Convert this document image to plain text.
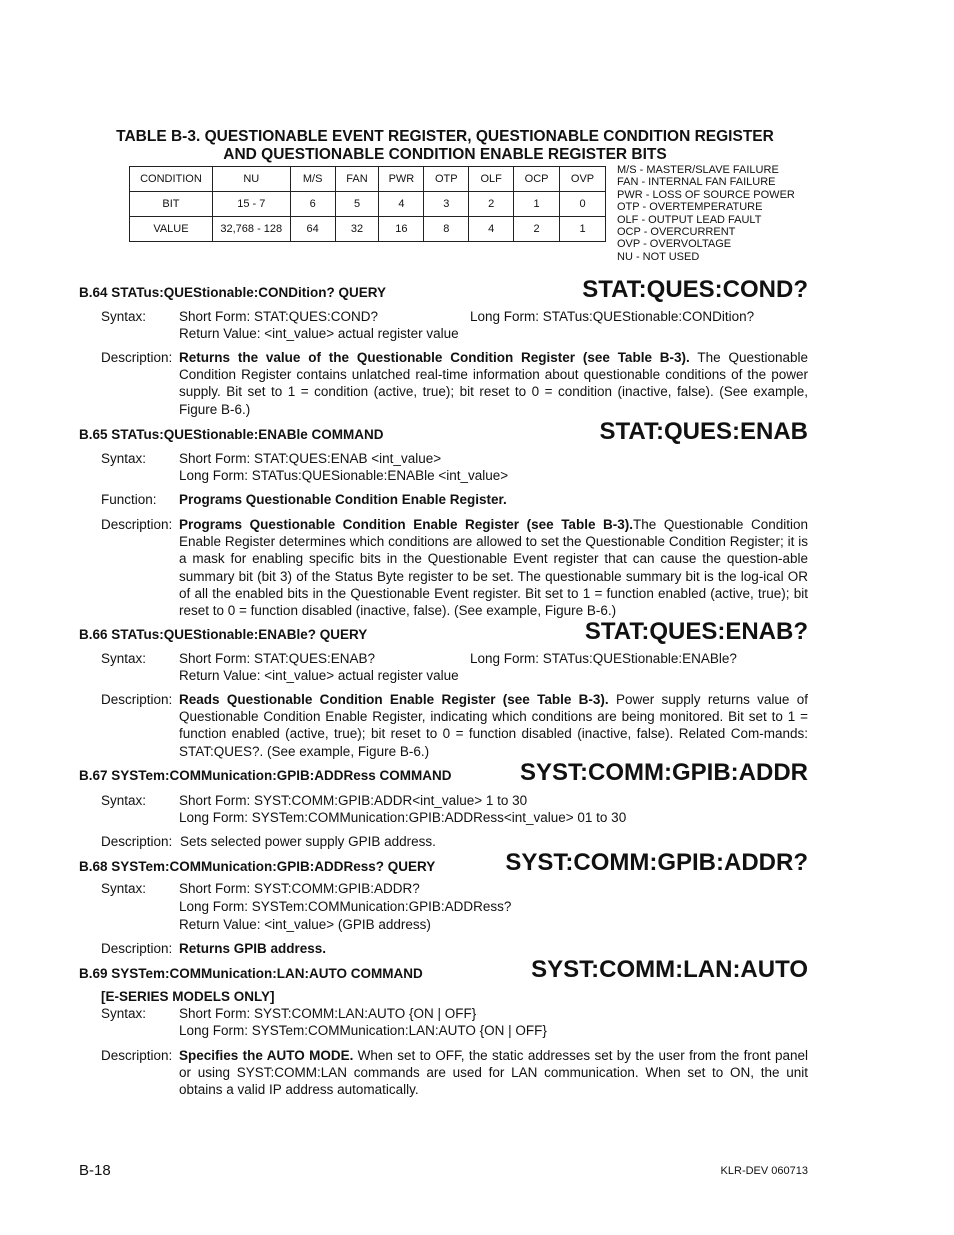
TABLE B-3. QUESTIONABLE EVENT REGISTER, QUESTIONABLE CONDITION REGISTER
AND QUESTIONABLE CONDITION ENABLE REGISTER BITS
CONDITION	NU	M/S	FAN	PWR	OTP	OLF	OCP	OVP
BIT	15 - 7	6	5	4	3	2	1	0
VALUE	32,768 - 128	64	32	16	8	4	2	1
M/S - MASTER/SLAVE FAILURE
FAN - INTERNAL FAN FAILURE
PWR - LOSS OF SOURCE POWER
OTP - OVERTEMPERATURE
OLF - OUTPUT LEAD FAULT
OCP - OVERCURRENT
OVP - OVERVOLTAGE
NU - NOT USED
B.64 STATus:QUEStionable:CONDition? QUERY	STAT:QUES:COND?
Syntax: Short Form: STAT:QUES:COND?	Long Form: STATus:QUEStionable:CONDition?
Return Value: <int_value> actual register value
Description: Returns the value of the Questionable Condition Register (see Table B-3). The Questionable Condition Register contains unlatched real-time information about questionable conditions of the power supply. Bit set to 1 = condition (active, true); bit reset to 0 = condition (inactive, false). (See example, Figure B-6.)
B.65 STATus:QUEStionable:ENABle COMMAND	STAT:QUES:ENAB
Syntax: Short Form: STAT:QUES:ENAB <int_value>
Long Form: STATus:QUESionable:ENABle <int_value>
Function: Programs Questionable Condition Enable Register.
Description: Programs Questionable Condition Enable Register (see Table B-3).The Questionable Condition Enable Register determines which conditions are allowed to set the Questionable Condition Register; it is a mask for enabling specific bits in the Questionable Event register that can cause the question-able summary bit (bit 3) of the Status Byte register to be set. The questionable summary bit is the log-ical OR of all the enabled bits in the Questionable Event register. Bit set to 1 = function enabled (active, true); bit reset to 0 = function disabled (inactive, false). (See example, Figure B-6.)
B.66 STATus:QUEStionable:ENABle? QUERY	STAT:QUES:ENAB?
Syntax: Short Form: STAT:QUES:ENAB?	Long Form: STATus:QUEStionable:ENABle?
Return Value: <int_value> actual register value
Description: Reads Questionable Condition Enable Register (see Table B-3). Power supply returns value of Questionable Condition Enable Register, indicating which conditions are being monitored. Bit set to 1 = function enabled (active, true); bit reset to 0 = function disabled (inactive, false). Related Com-mands: STAT:QUES?. (See example, Figure B-6.)
B.67 SYSTem:COMMunication:GPIB:ADDRess COMMAND	SYST:COMM:GPIB:ADDR
Syntax: Short Form: SYST:COMM:GPIB:ADDR<int_value> 1 to 30
Long Form: SYSTem:COMMunication:GPIB:ADDRess<int_value> 01 to 30
Description: Sets selected power supply GPIB address.
B.68 SYSTem:COMMunication:GPIB:ADDRess? QUERY	SYST:COMM:GPIB:ADDR?
Syntax: Short Form: SYST:COMM:GPIB:ADDR?
Long Form: SYSTem:COMMunication:GPIB:ADDRess?
Return Value: <int_value> (GPIB address)
Description: Returns GPIB address.
B.69 SYSTem:COMMunication:LAN:AUTO COMMAND	SYST:COMM:LAN:AUTO
[E-SERIES MODELS ONLY]
Syntax: Short Form: SYST:COMM:LAN:AUTO {ON | OFF}
Long Form: SYSTem:COMMunication:LAN:AUTO {ON | OFF}
Description: Specifies the AUTO MODE. When set to OFF, the static addresses set by the user from the front panel or using SYST:COMM:LAN commands are used for LAN communication. When set to ON, the unit obtains a valid IP address automatically.
B-18	KLR-DEV 060713
